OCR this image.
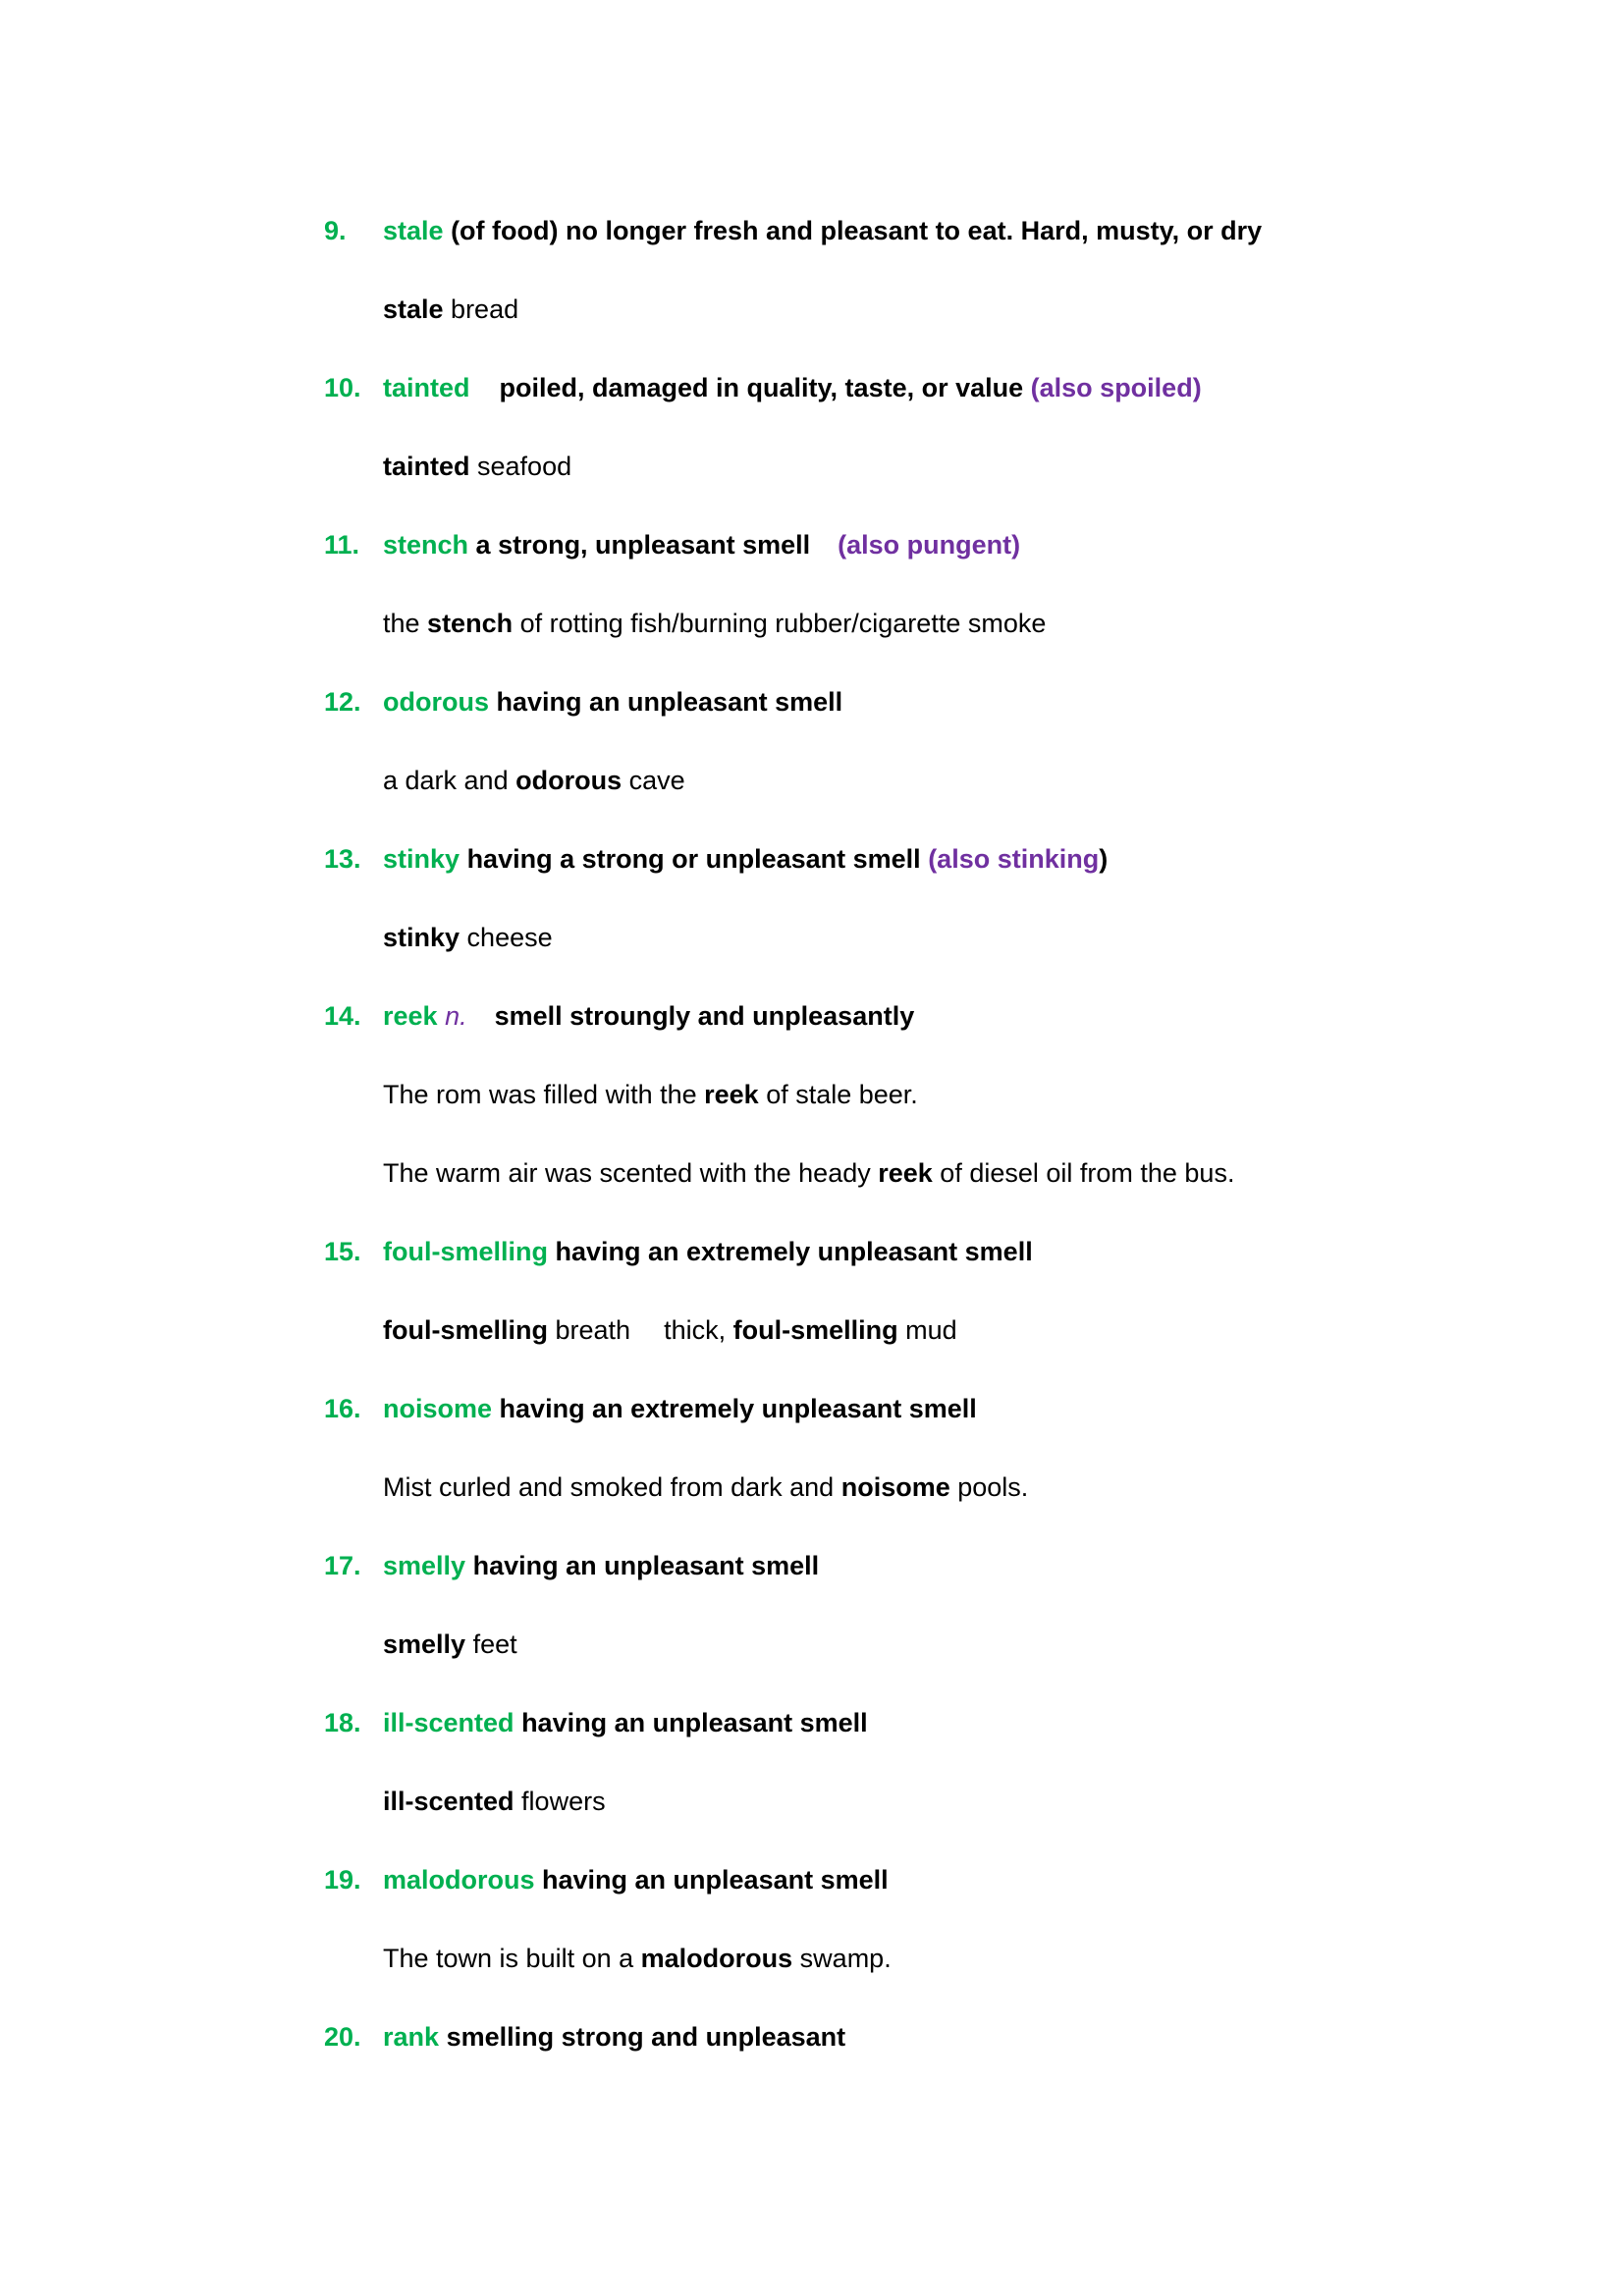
9. stale (of food) no longer fresh and pleasant to eat. Hard, musty, or dry
stale bread
10. tainted poiled, damaged in quality, taste, or value (also spoiled)
tainted seafood
11. stench a strong, unpleasant smell (also pungent)
the stench of rotting fish/burning rubber/cigarette smoke
12. odorous having an unpleasant smell
a dark and odorous cave
13. stinky having a strong or unpleasant smell (also stinking)
stinky cheese
14. reek n. smell stroungly and unpleasantly
The rom was filled with the reek of stale beer.
The warm air was scented with the heady reek of diesel oil from the bus.
15. foul-smelling having an extremely unpleasant smell
foul-smelling breath thick, foul-smelling mud
16. noisome having an extremely unpleasant smell
Mist curled and smoked from dark and noisome pools.
17. smelly having an unpleasant smell
smelly feet
18. ill-scented having an unpleasant smell
ill-scented flowers
19. malodorous having an unpleasant smell
The town is built on a malodorous swamp.
20. rank smelling strong and unpleasant
